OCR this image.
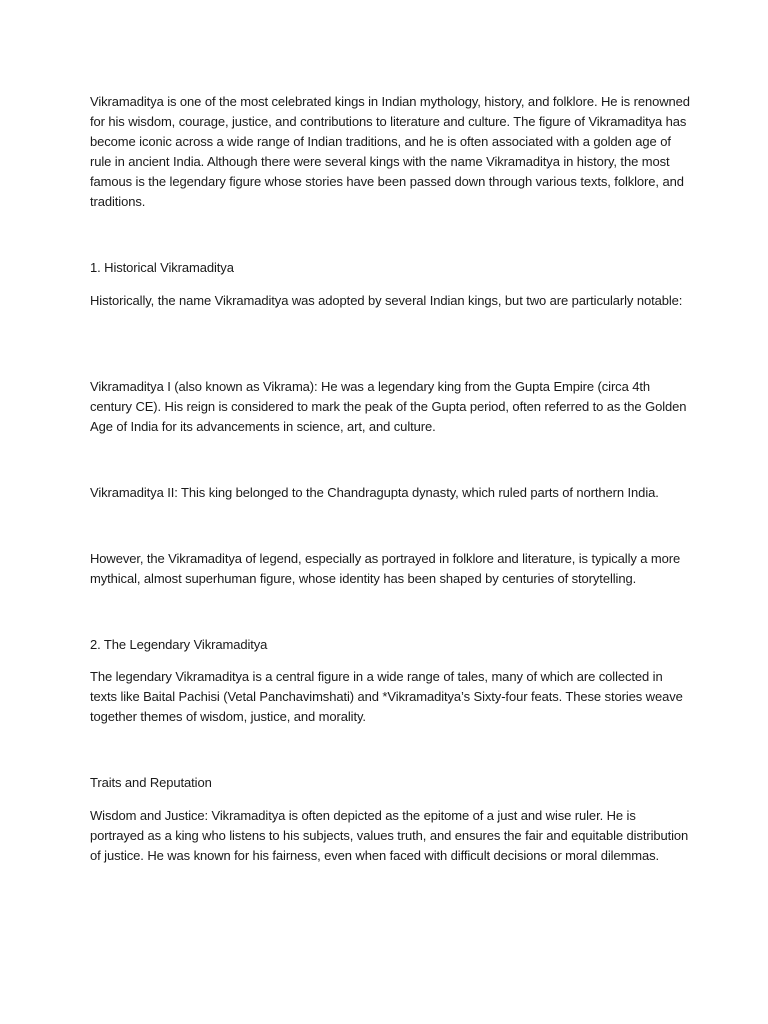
Vikramaditya is one of the most celebrated kings in Indian mythology, history, and folklore. He is renowned for his wisdom, courage, justice, and contributions to literature and culture. The figure of Vikramaditya has become iconic across a wide range of Indian traditions, and he is often associated with a golden age of rule in ancient India. Although there were several kings with the name Vikramaditya in history, the most famous is the legendary figure whose stories have been passed down through various texts, folklore, and traditions.

1. Historical Vikramaditya

Historically, the name Vikramaditya was adopted by several Indian kings, but two are particularly notable:

Vikramaditya I (also known as Vikrama): He was a legendary king from the Gupta Empire (circa 4th century CE). His reign is considered to mark the peak of the Gupta period, often referred to as the Golden Age of India for its advancements in science, art, and culture.

Vikramaditya II: This king belonged to the Chandragupta dynasty, which ruled parts of northern India.

However, the Vikramaditya of legend, especially as portrayed in folklore and literature, is typically a more mythical, almost superhuman figure, whose identity has been shaped by centuries of storytelling.

2. The Legendary Vikramaditya

The legendary Vikramaditya is a central figure in a wide range of tales, many of which are collected in texts like Baital Pachisi (Vetal Panchavimshati) and *Vikramaditya’s Sixty-four feats. These stories weave together themes of wisdom, justice, and morality.

Traits and Reputation

Wisdom and Justice: Vikramaditya is often depicted as the epitome of a just and wise ruler. He is portrayed as a king who listens to his subjects, values truth, and ensures the fair and equitable distribution of justice. He was known for his fairness, even when faced with difficult decisions or moral dilemmas.
